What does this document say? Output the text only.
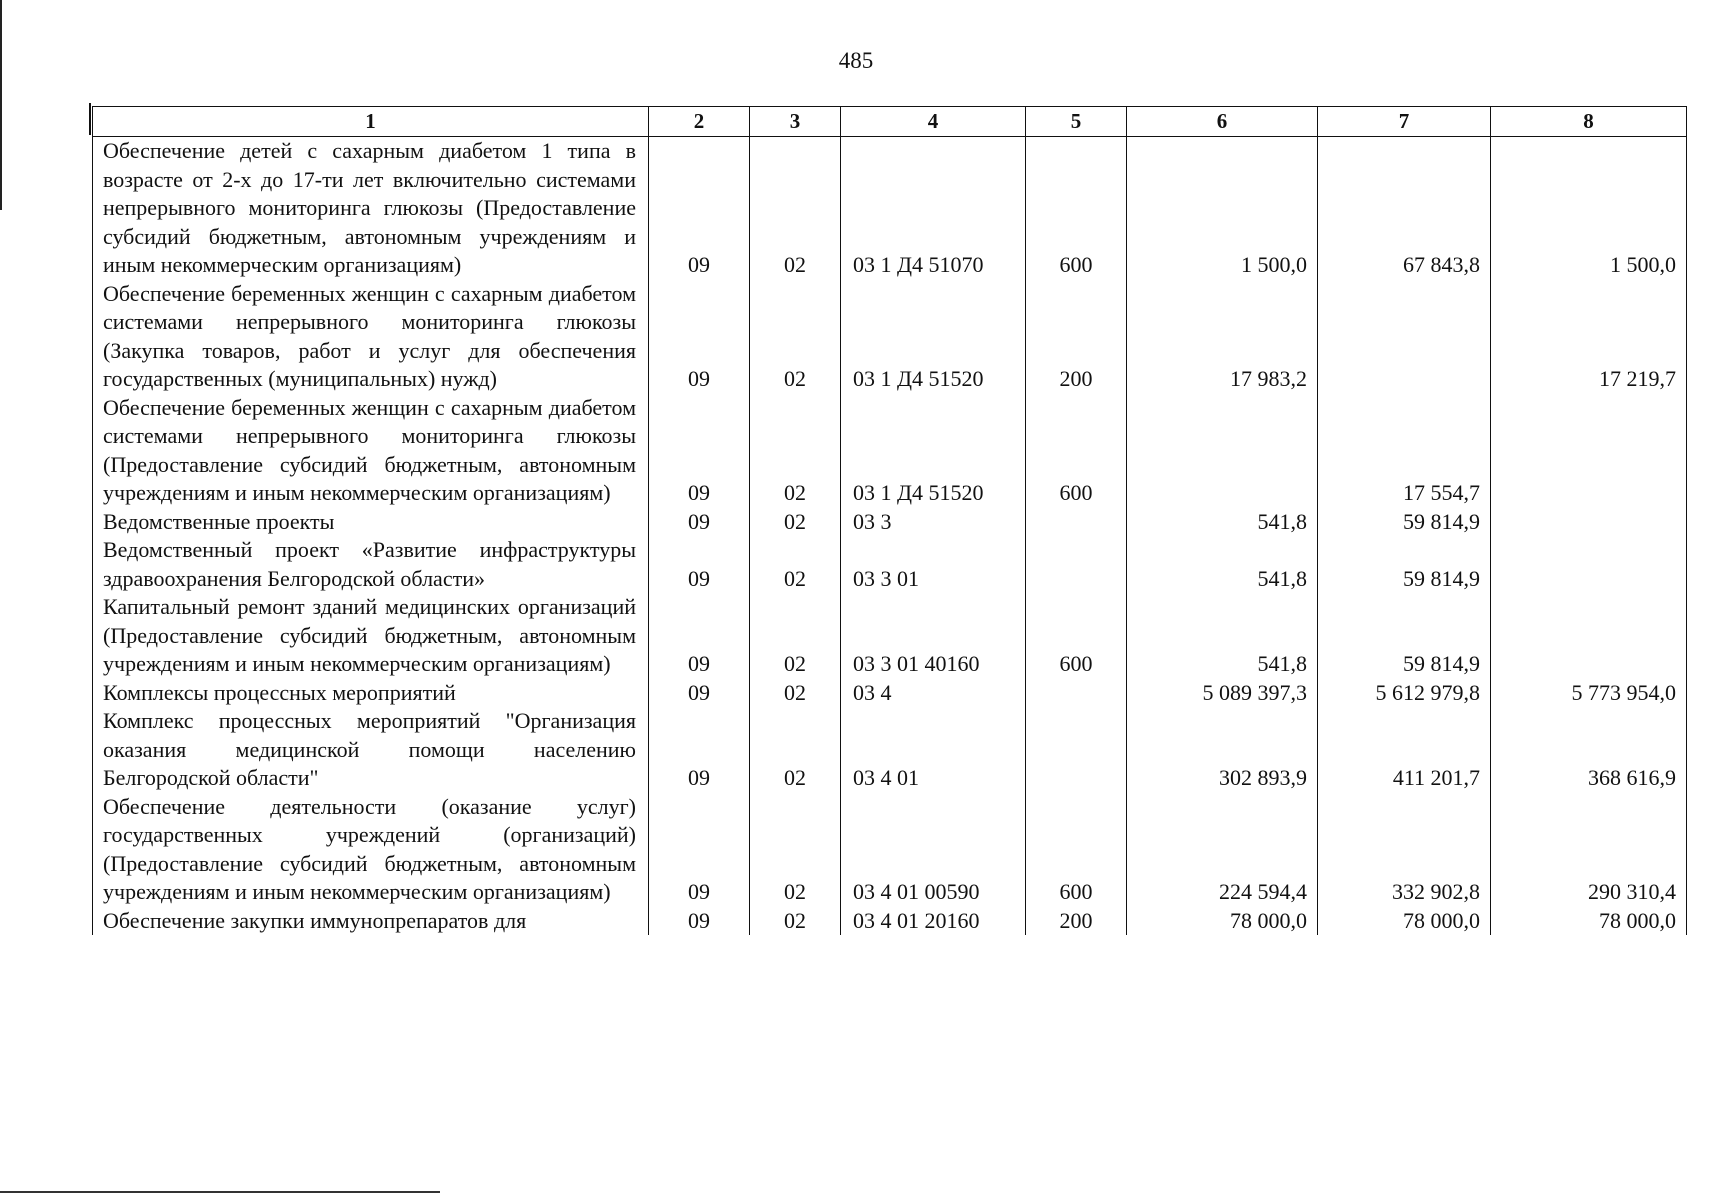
485
1	2	3	4	5	6	7	8
Обеспечение детей с сахарным диабетом 1 типа в возрасте от 2-х до 17-ти лет включительно системами непрерывного мониторинга глюкозы (Предоставление субсидий бюджетным, автономным учреждениям и иным некоммерческим организациям)	09	02	03 1 Д4 51070	600	1 500,0	67 843,8	1 500,0
Обеспечение беременных женщин с сахарным диабетом системами непрерывного мониторинга глюкозы (Закупка товаров, работ и услуг для обеспечения государственных (муниципальных) нужд)	09	02	03 1 Д4 51520	200	17 983,2		17 219,7
Обеспечение беременных женщин с сахарным диабетом системами непрерывного мониторинга глюкозы (Предоставление субсидий бюджетным, автономным учреждениям и иным некоммерческим организациям)	09	02	03 1 Д4 51520	600		17 554,7	
Ведомственные проекты	09	02	03 3		541,8	59 814,9	
Ведомственный проект «Развитие инфраструктуры здравоохранения Белгородской области»	09	02	03 3 01		541,8	59 814,9	
Капитальный ремонт зданий медицинских организаций (Предоставление субсидий бюджетным, автономным учреждениям и иным некоммерческим организациям)	09	02	03 3 01 40160	600	541,8	59 814,9	
Комплексы процессных мероприятий	09	02	03 4		5 089 397,3	5 612 979,8	5 773 954,0
Комплекс процессных мероприятий "Организация оказания медицинской помощи населению Белгородской области"	09	02	03 4 01		302 893,9	411 201,7	368 616,9
Обеспечение деятельности (оказание услуг) государственных учреждений (организаций) (Предоставление субсидий бюджетным, автономным учреждениям и иным некоммерческим организациям)	09	02	03 4 01 00590	600	224 594,4	332 902,8	290 310,4
Обеспечение закупки иммунопрепаратов для	09	02	03 4 01 20160	200	78 000,0	78 000,0	78 000,0
